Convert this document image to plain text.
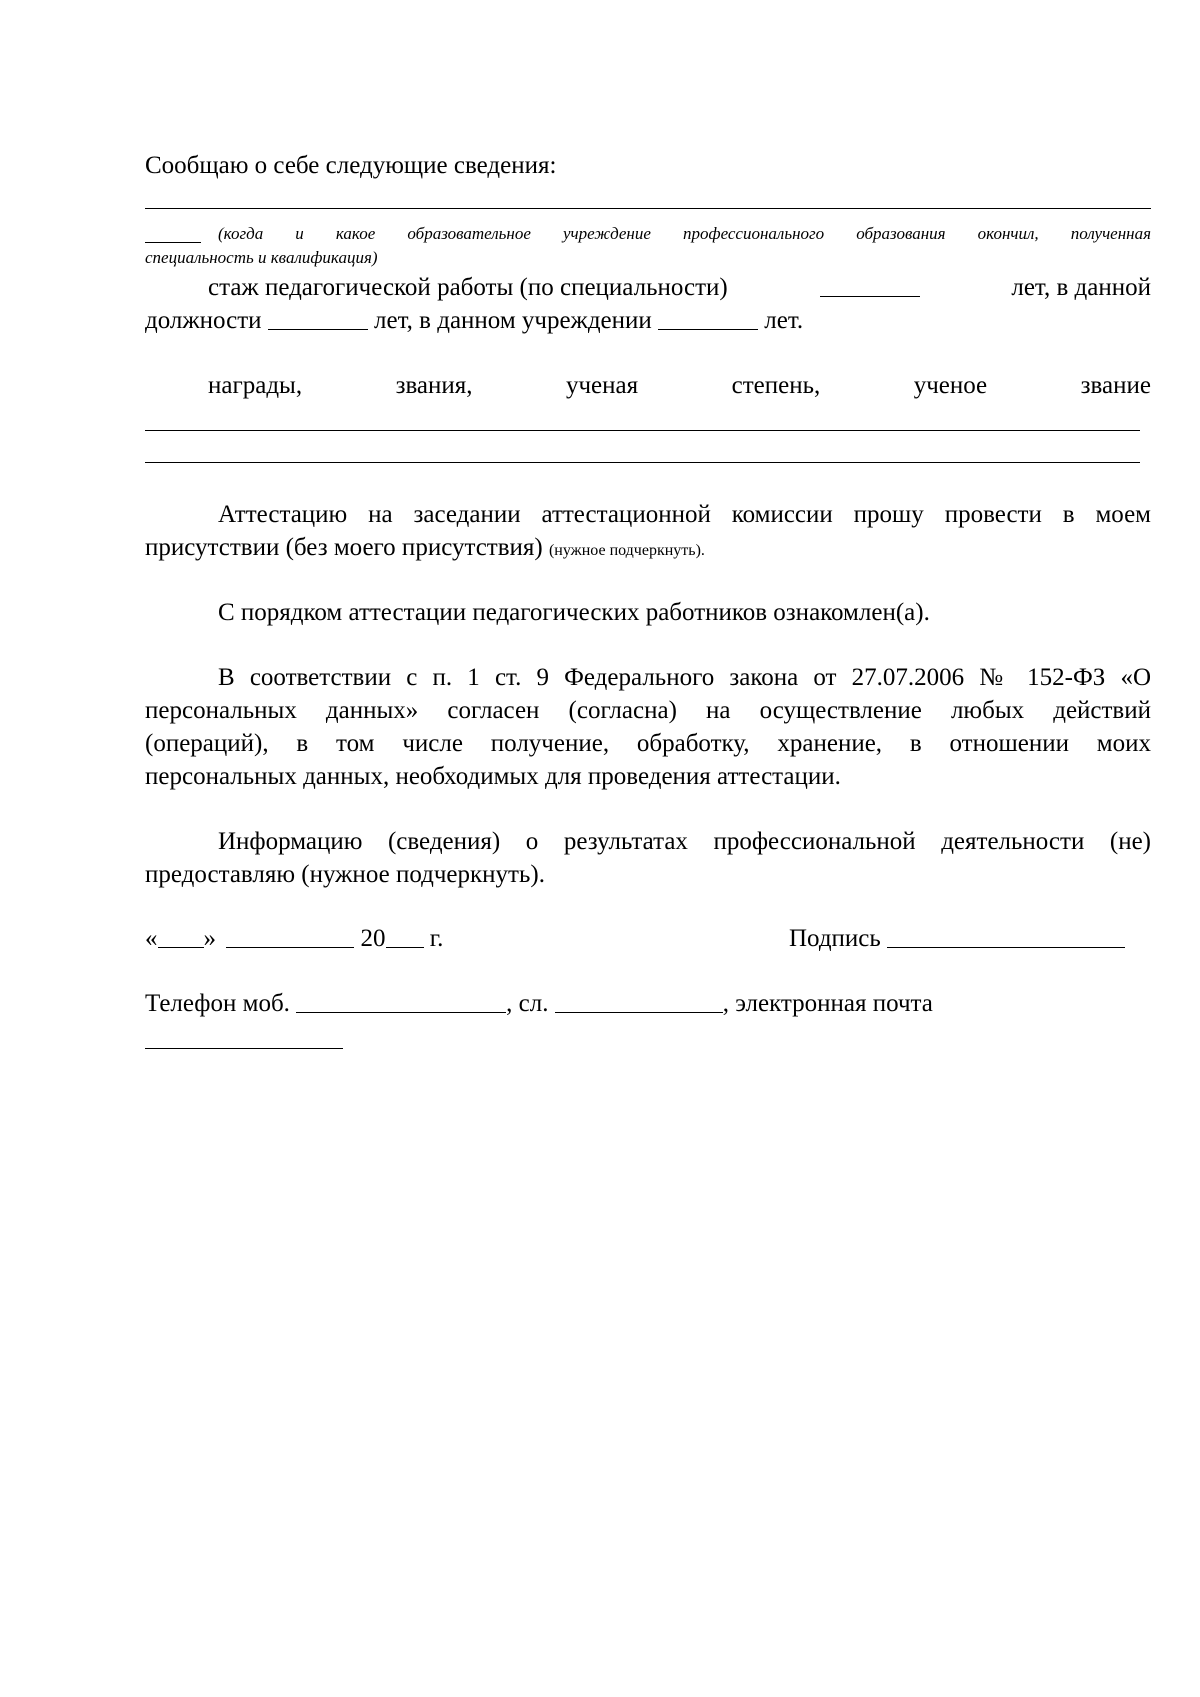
Сообщаю о себе следующие сведения:
(когда и какое образовательное учреждение профессионального образования окончил, полученная
специальность и квалификация)
стаж педагогической работы (по специальности)	лет, в данной
должности	лет, в данном учреждении	лет.
награды,	звания,	ученая	степень,	ученое	звание
Аттестацию на заседании аттестационной комиссии прошу провести в моем
присутствии (без моего присутствия) (нужное подчеркнуть).
С порядком аттестации педагогических работников ознакомлен(а).
В соответствии с п. 1 ст. 9 Федерального закона от 27.07.2006 № 152-ФЗ «О
персональных данных» согласен (согласна) на осуществление любых действий
(операций), в том числе получение, обработку, хранение, в отношении моих
персональных данных, необходимых для проведения аттестации.
Информацию (сведения) о результатах профессиональной деятельности (не)
предоставляю (нужное подчеркнуть).
« »	20 г.	Подпись
Телефон моб.	, сл.	, электронная почта
